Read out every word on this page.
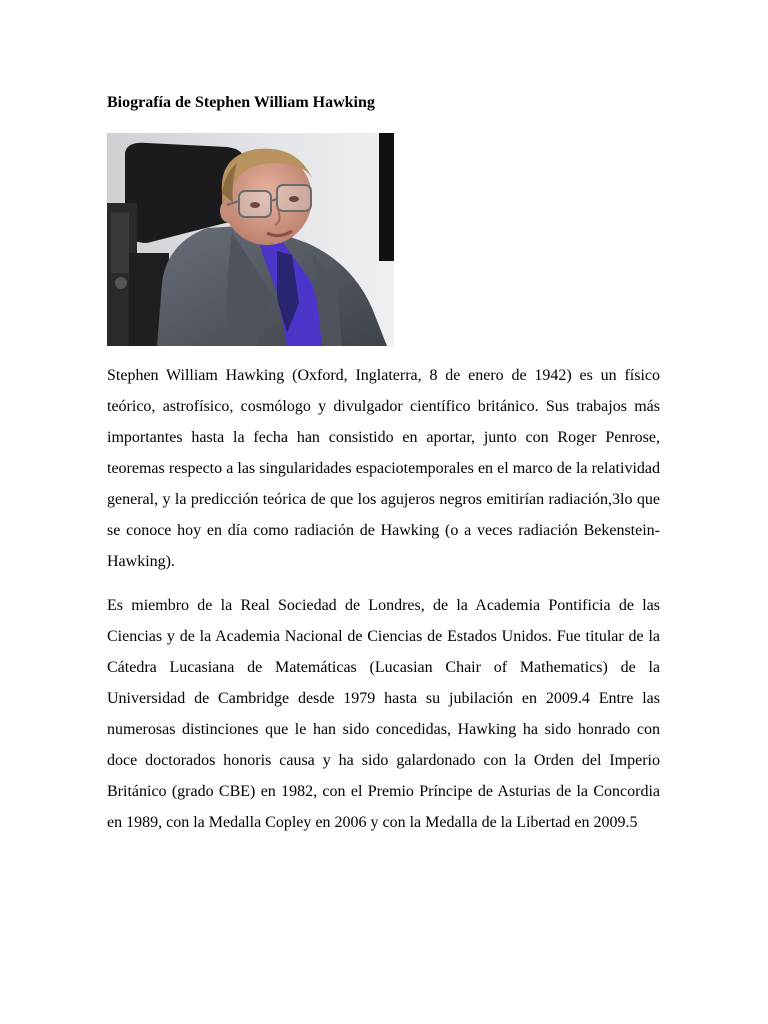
Biografía de Stephen William Hawking

Stephen William Hawking (Oxford, Inglaterra, 8 de enero de 1942) es un físico teórico, astrofísico, cosmólogo y divulgador científico británico. Sus trabajos más importantes hasta la fecha han consistido en aportar, junto con Roger Penrose, teoremas respecto a las singularidades espaciotemporales en el marco de la relatividad general, y la predicción teórica de que los agujeros negros emitirían radiación,3lo que se conoce hoy en día como radiación de Hawking (o a veces radiación Bekenstein-Hawking).

Es miembro de la Real Sociedad de Londres, de la Academia Pontificia de las Ciencias y de la Academia Nacional de Ciencias de Estados Unidos. Fue titular de la Cátedra Lucasiana de Matemáticas (Lucasian Chair of Mathematics) de la Universidad de Cambridge desde 1979 hasta su jubilación en 2009.4 Entre las numerosas distinciones que le han sido concedidas, Hawking ha sido honrado con doce doctorados honoris causa y ha sido galardonado con la Orden del Imperio Británico (grado CBE) en 1982, con el Premio Príncipe de Asturias de la Concordia en 1989, con la Medalla Copley en 2006 y con la Medalla de la Libertad en 2009.5
